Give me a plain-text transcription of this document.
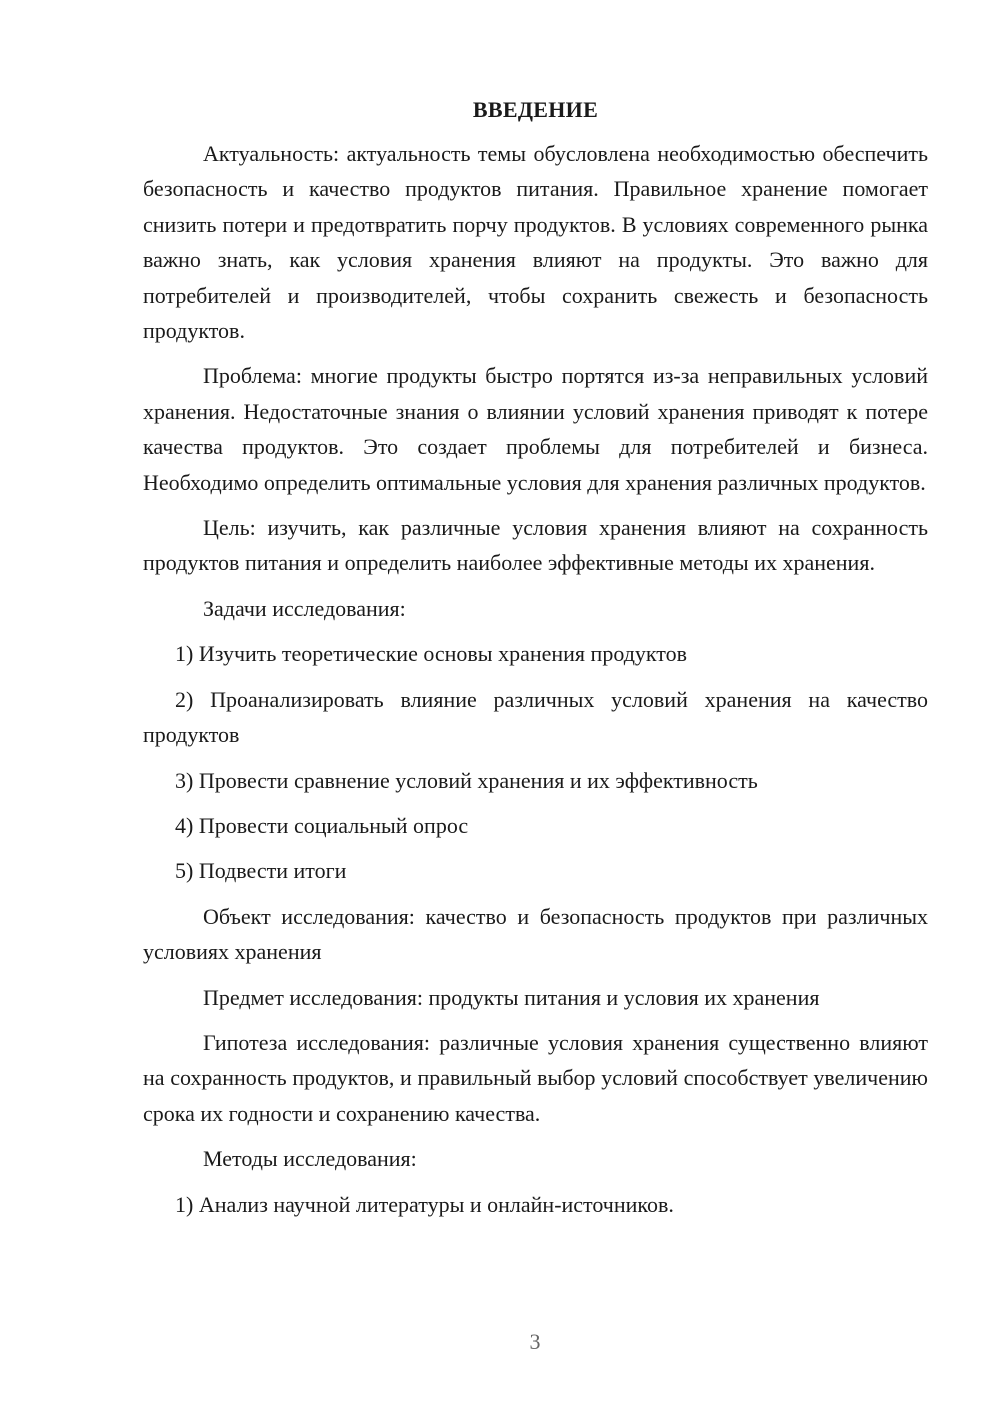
ВВЕДЕНИЕ

Актуальность: актуальность темы обусловлена необходимостью обеспечить безопасность и качество продуктов питания. Правильное хранение помогает снизить потери и предотвратить порчу продуктов. В условиях современного рынка важно знать, как условия хранения влияют на продукты. Это важно для потребителей и производителей, чтобы сохранить свежесть и безопасность продуктов.

Проблема: многие продукты быстро портятся из-за неправильных условий хранения. Недостаточные знания о влиянии условий хранения приводят к потере качества продуктов. Это создает проблемы для потребителей и бизнеса. Необходимо определить оптимальные условия для хранения различных продуктов.

Цель: изучить, как различные условия хранения влияют на сохранность продуктов питания и определить наиболее эффективные методы их хранения.

Задачи исследования:

1) Изучить теоретические основы хранения продуктов

2) Проанализировать влияние различных условий хранения на качество продуктов

3) Провести сравнение условий хранения и их эффективность

4) Провести социальный опрос

5) Подвести итоги

Объект исследования: качество и безопасность продуктов при различных условиях хранения

Предмет исследования: продукты питания и условия их хранения

Гипотеза исследования: различные условия хранения существенно влияют на сохранность продуктов, и правильный выбор условий способствует увеличению срока их годности и сохранению качества.

Методы исследования:

1) Анализ научной литературы и онлайн-источников.

3
